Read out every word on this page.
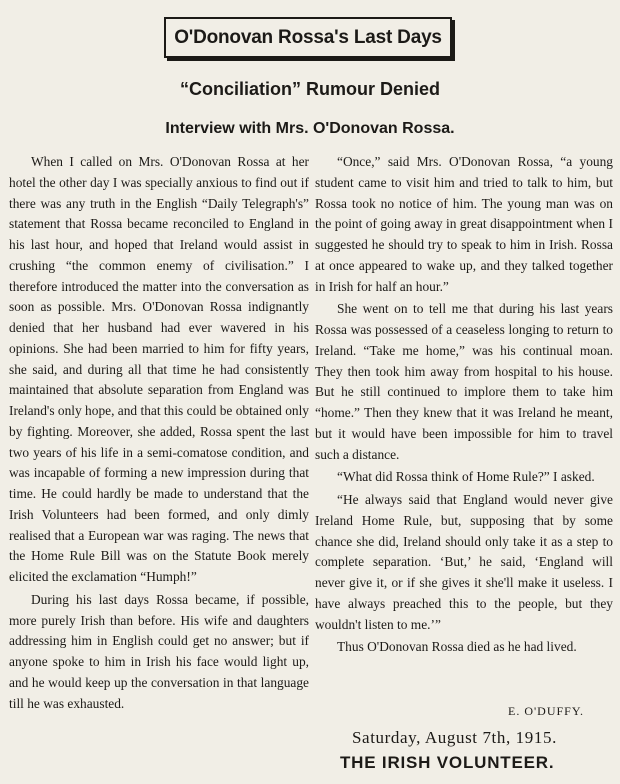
O'Donovan Rossa's Last Days
“Conciliation” Rumour Denied
Interview with Mrs. O'Donovan Rossa.

When I called on Mrs. O'Donovan Rossa at her hotel the other day I was specially anxious to find out if there was any truth in the English “Daily Telegraph's” statement that Rossa became reconciled to England in his last hour, and hoped that Ireland would assist in crushing “the common enemy of civilisation.” I therefore introduced the matter into the conversation as soon as possible. Mrs. O'Donovan Rossa indignantly denied that her husband had ever wavered in his opinions. She had been married to him for fifty years, she said, and during all that time he had consistently maintained that absolute separation from England was Ireland's only hope, and that this could be obtained only by fighting. Moreover, she added, Rossa spent the last two years of his life in a semi-comatose condition, and was incapable of forming a new impression during that time. He could hardly be made to understand that the Irish Volunteers had been formed, and only dimly realised that a European war was raging. The news that the Home Rule Bill was on the Statute Book merely elicited the exclamation “Humph!”

During his last days Rossa became, if possible, more purely Irish than before. His wife and daughters addressing him in English could get no answer; but if anyone spoke to him in Irish his face would light up, and he would keep up the conversation in that language till he was exhausted.

“Once,” said Mrs. O'Donovan Rossa, “a young student came to visit him and tried to talk to him, but Rossa took no notice of him. The young man was on the point of going away in great disappointment when I suggested he should try to speak to him in Irish. Rossa at once appeared to wake up, and they talked together in Irish for half an hour.”

She went on to tell me that during his last years Rossa was possessed of a ceaseless longing to return to Ireland. “Take me home,” was his continual moan. They then took him away from hospital to his house. But he still continued to implore them to take him “home.” Then they knew that it was Ireland he meant, but it would have been impossible for him to travel such a distance.

“What did Rossa think of Home Rule?” I asked.

“He always said that England would never give Ireland Home Rule, but, supposing that by some chance she did, Ireland should only take it as a step to complete separation. ‘But,’ he said, ‘England will never give it, or if she gives it she'll make it useless. I have always preached this to the people, but they wouldn't listen to me.’”

Thus O'Donovan Rossa died as he had lived.

E. O'DUFFY.
Saturday, August 7th, 1915.
THE IRISH VOLUNTEER.
